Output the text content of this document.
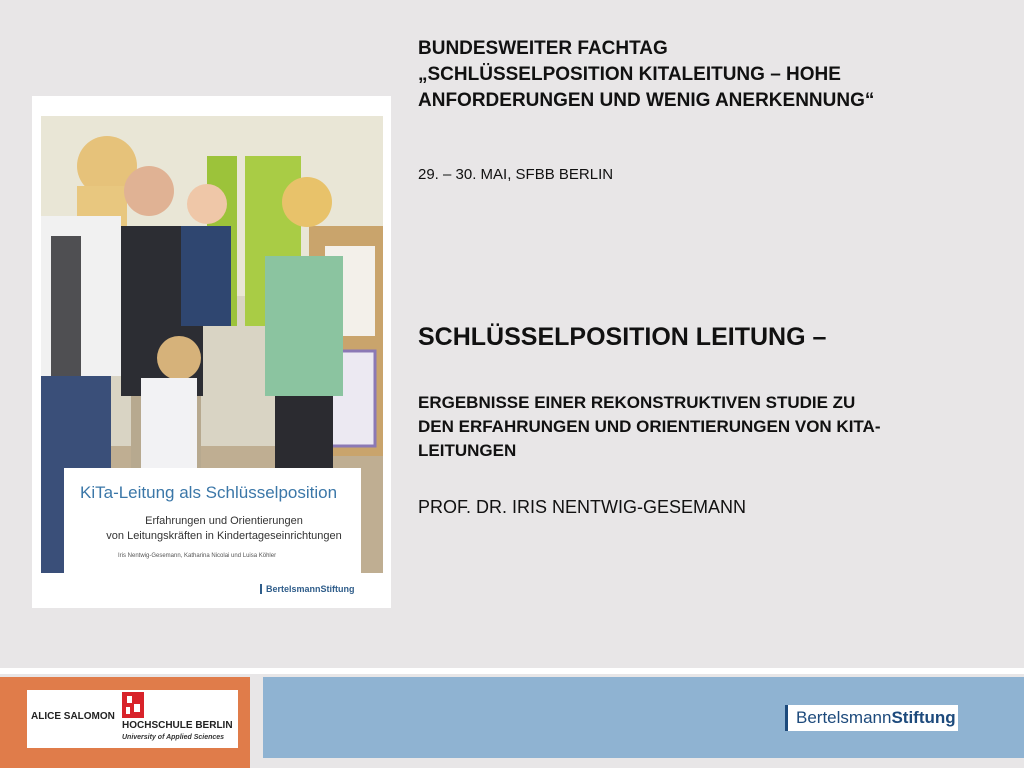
KiTa-Leitung als Schlüsselposition
Erfahrungen und Orientierungen
von Leitungskräften in Kindertageseinrichtungen
Iris Nentwig-Gesemann, Katharina Nicolai und Luisa Köhler
BertelsmannStiftung
BUNDESWEITER FACHTAG
„SCHLÜSSELPOSITION KITALEITUNG – HOHE
ANFORDERUNGEN UND WENIG ANERKENNUNG“
29. – 30. MAI, SFBB BERLIN
SCHLÜSSELPOSITION LEITUNG –
ERGEBNISSE EINER REKONSTRUKTIVEN STUDIE ZU
DEN ERFAHRUNGEN UND ORIENTIERUNGEN VON KITA-
LEITUNGEN
PROF. DR. IRIS NENTWIG-GESEMANN
ALICE SALOMON
HOCHSCHULE BERLIN
University of Applied Sciences
BertelsmannStiftung
